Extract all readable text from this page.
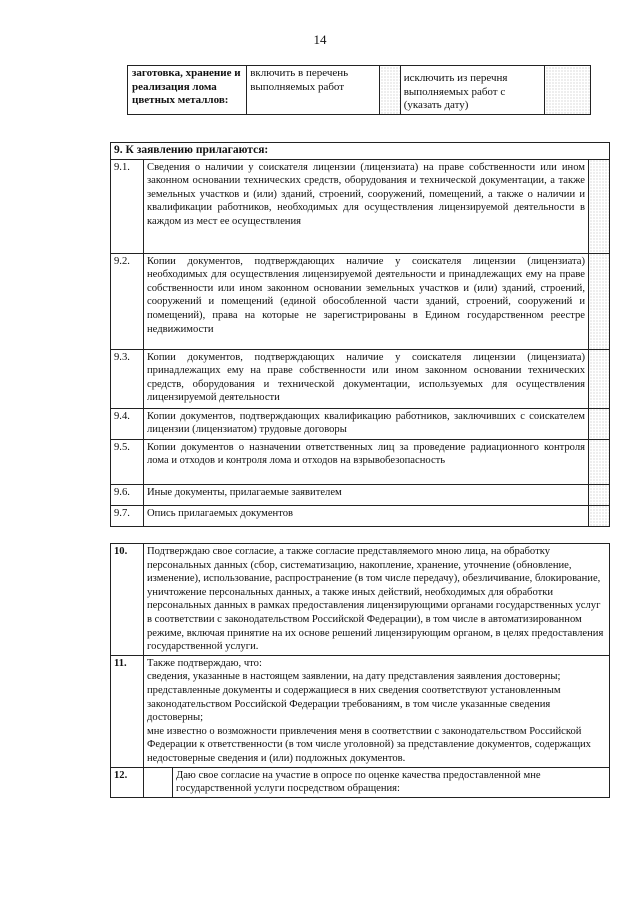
14
заготовка, хранение и реализация лома цветных металлов:	включить в перечень выполняемых работ		исключить из перечня выполняемых работ с (указать дату)	
9. К заявлению прилагаются:		
9.1.	Сведения о наличии у соискателя лицензии (лицензиата) на праве собственности или ином законном основании технических средств, оборудования и технической документации, а также земельных участков и (или) зданий, строений, сооружений, помещений, а также о наличии и квалификации работников, необходимых для осуществления лицензируемой деятельности в каждом из мест ее осуществления	
9.2.	Копии документов, подтверждающих наличие у соискателя лицензии (лицензиата) необходимых для осуществления лицензируемой деятельности и принадлежащих ему на праве собственности или ином законном основании земельных участков и (или) зданий, строений, сооружений и помещений (единой обособленной части зданий, строений, сооружений и помещений), права на которые не зарегистрированы в Едином государственном реестре недвижимости	
9.3.	Копии документов, подтверждающих наличие у соискателя лицензии (лицензиата) принадлежащих ему на праве собственности или ином законном основании технических средств, оборудования и технической документации, используемых для осуществления лицензируемой деятельности	
9.4.	Копии документов, подтверждающих квалификацию работников, заключивших с соискателем лицензии (лицензиатом) трудовые договоры	
9.5.	Копии документов о назначении ответственных лиц за проведение радиационного контроля лома и отходов и контроля лома и отходов на взрывобезопасность	
9.6.	Иные документы, прилагаемые заявителем	
9.7.	Опись прилагаемых документов	
10.	Подтверждаю свое согласие, а также согласие представляемого мною лица, на обработку персональных данных (сбор, систематизацию, накопление, хранение, уточнение (обновление, изменение), использование, распространение (в том числе передачу), обезличивание, блокирование, уничтожение персональных данных, а также иных действий, необходимых для обработки персональных данных в рамках предоставления лицензирующими органами государственных услуг в соответствии с законодательством Российской Федерации), в том числе в автоматизированном режиме, включая принятие на их основе решений лицензирующим органом, в целях предоставления государственной услуги.	
11.	Также подтверждаю, что:
сведения, указанные в настоящем заявлении, на дату представления заявления достоверны;
представленные документы и содержащиеся в них сведения соответствуют установленным законодательством Российской Федерации требованиям, в том числе указанные сведения достоверны;
мне известно о возможности привлечения меня в соответствии с законодательством Российской Федерации к ответственности (в том числе уголовной) за представление документов, содержащих недостоверные сведения и (или) подложных документов.	

12.		Даю свое согласие на участие в опросе по оценке качества предоставленной мне государственной услуги посредством обращения:
